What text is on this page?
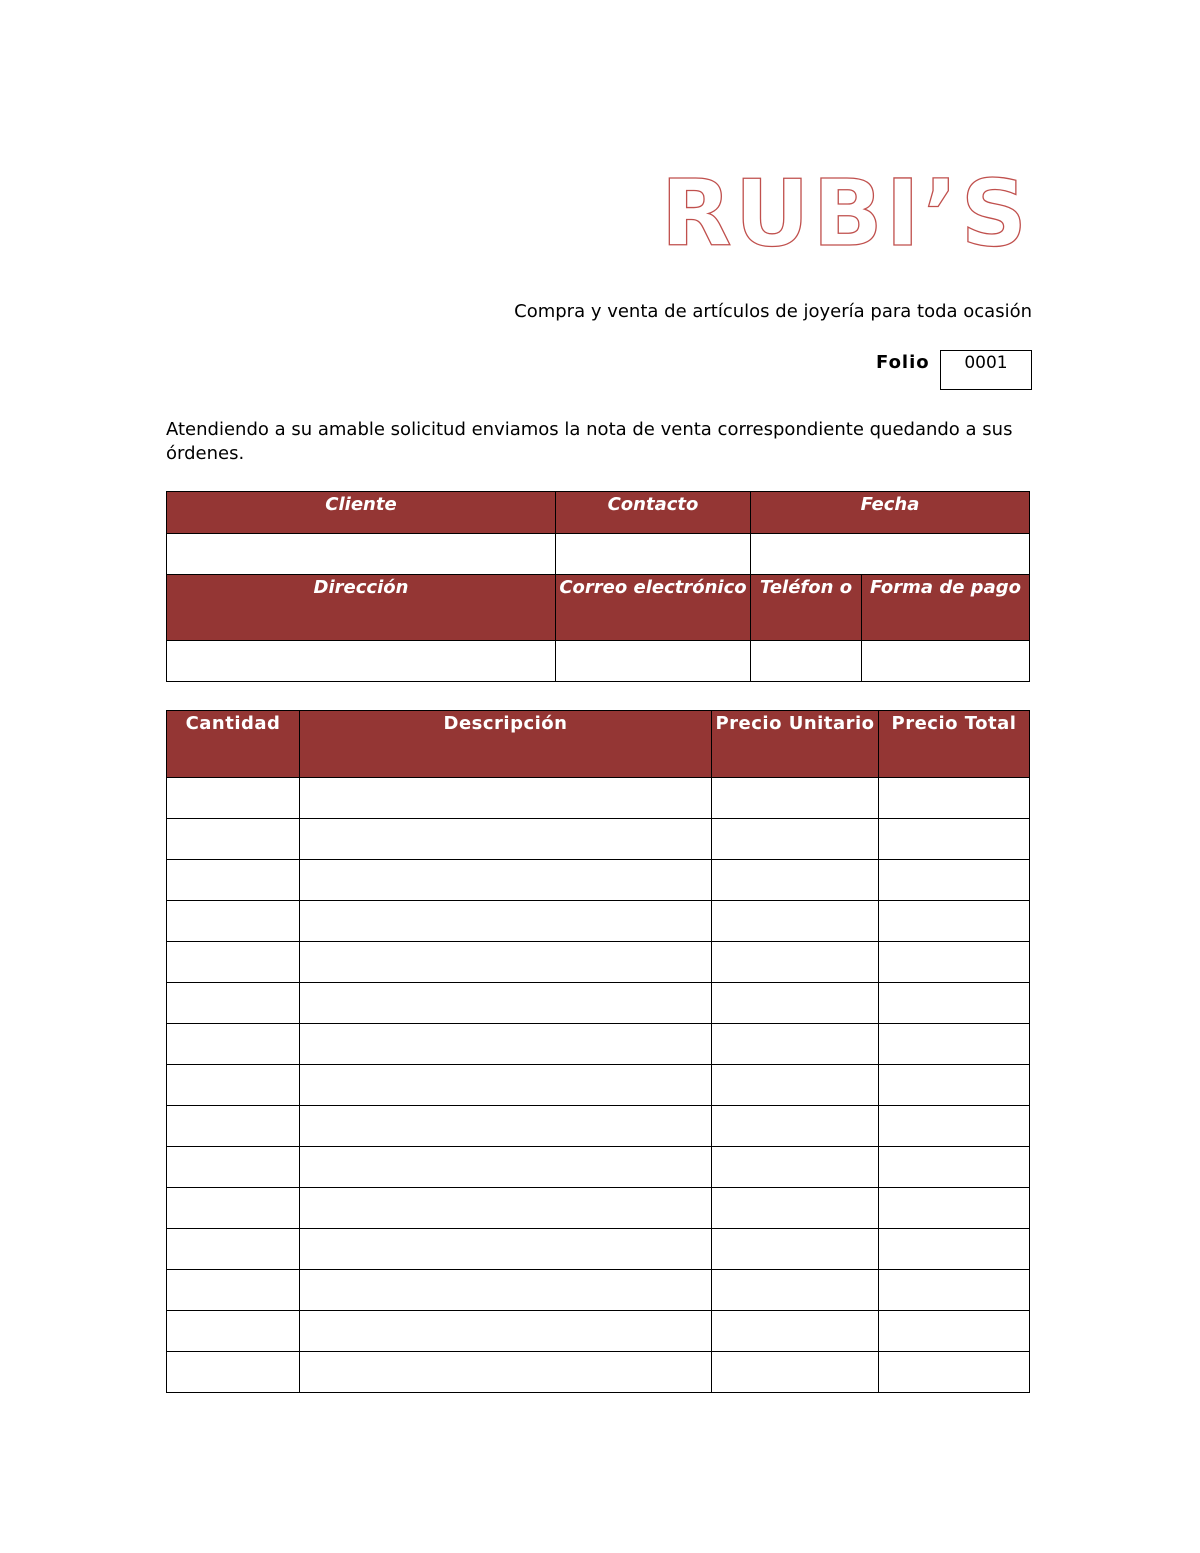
RUBI’S
Compra y venta de artículos de joyería para toda ocasión
Folio	0001
Atendiendo a su amable solicitud enviamos la nota de venta correspondiente quedando a sus órdenes.
Cliente	Contacto	Fecha	

Dirección	Correo electrónico	Teléfon o	Forma de pago

Cantidad	Descripción	Precio Unitario	Precio Total
